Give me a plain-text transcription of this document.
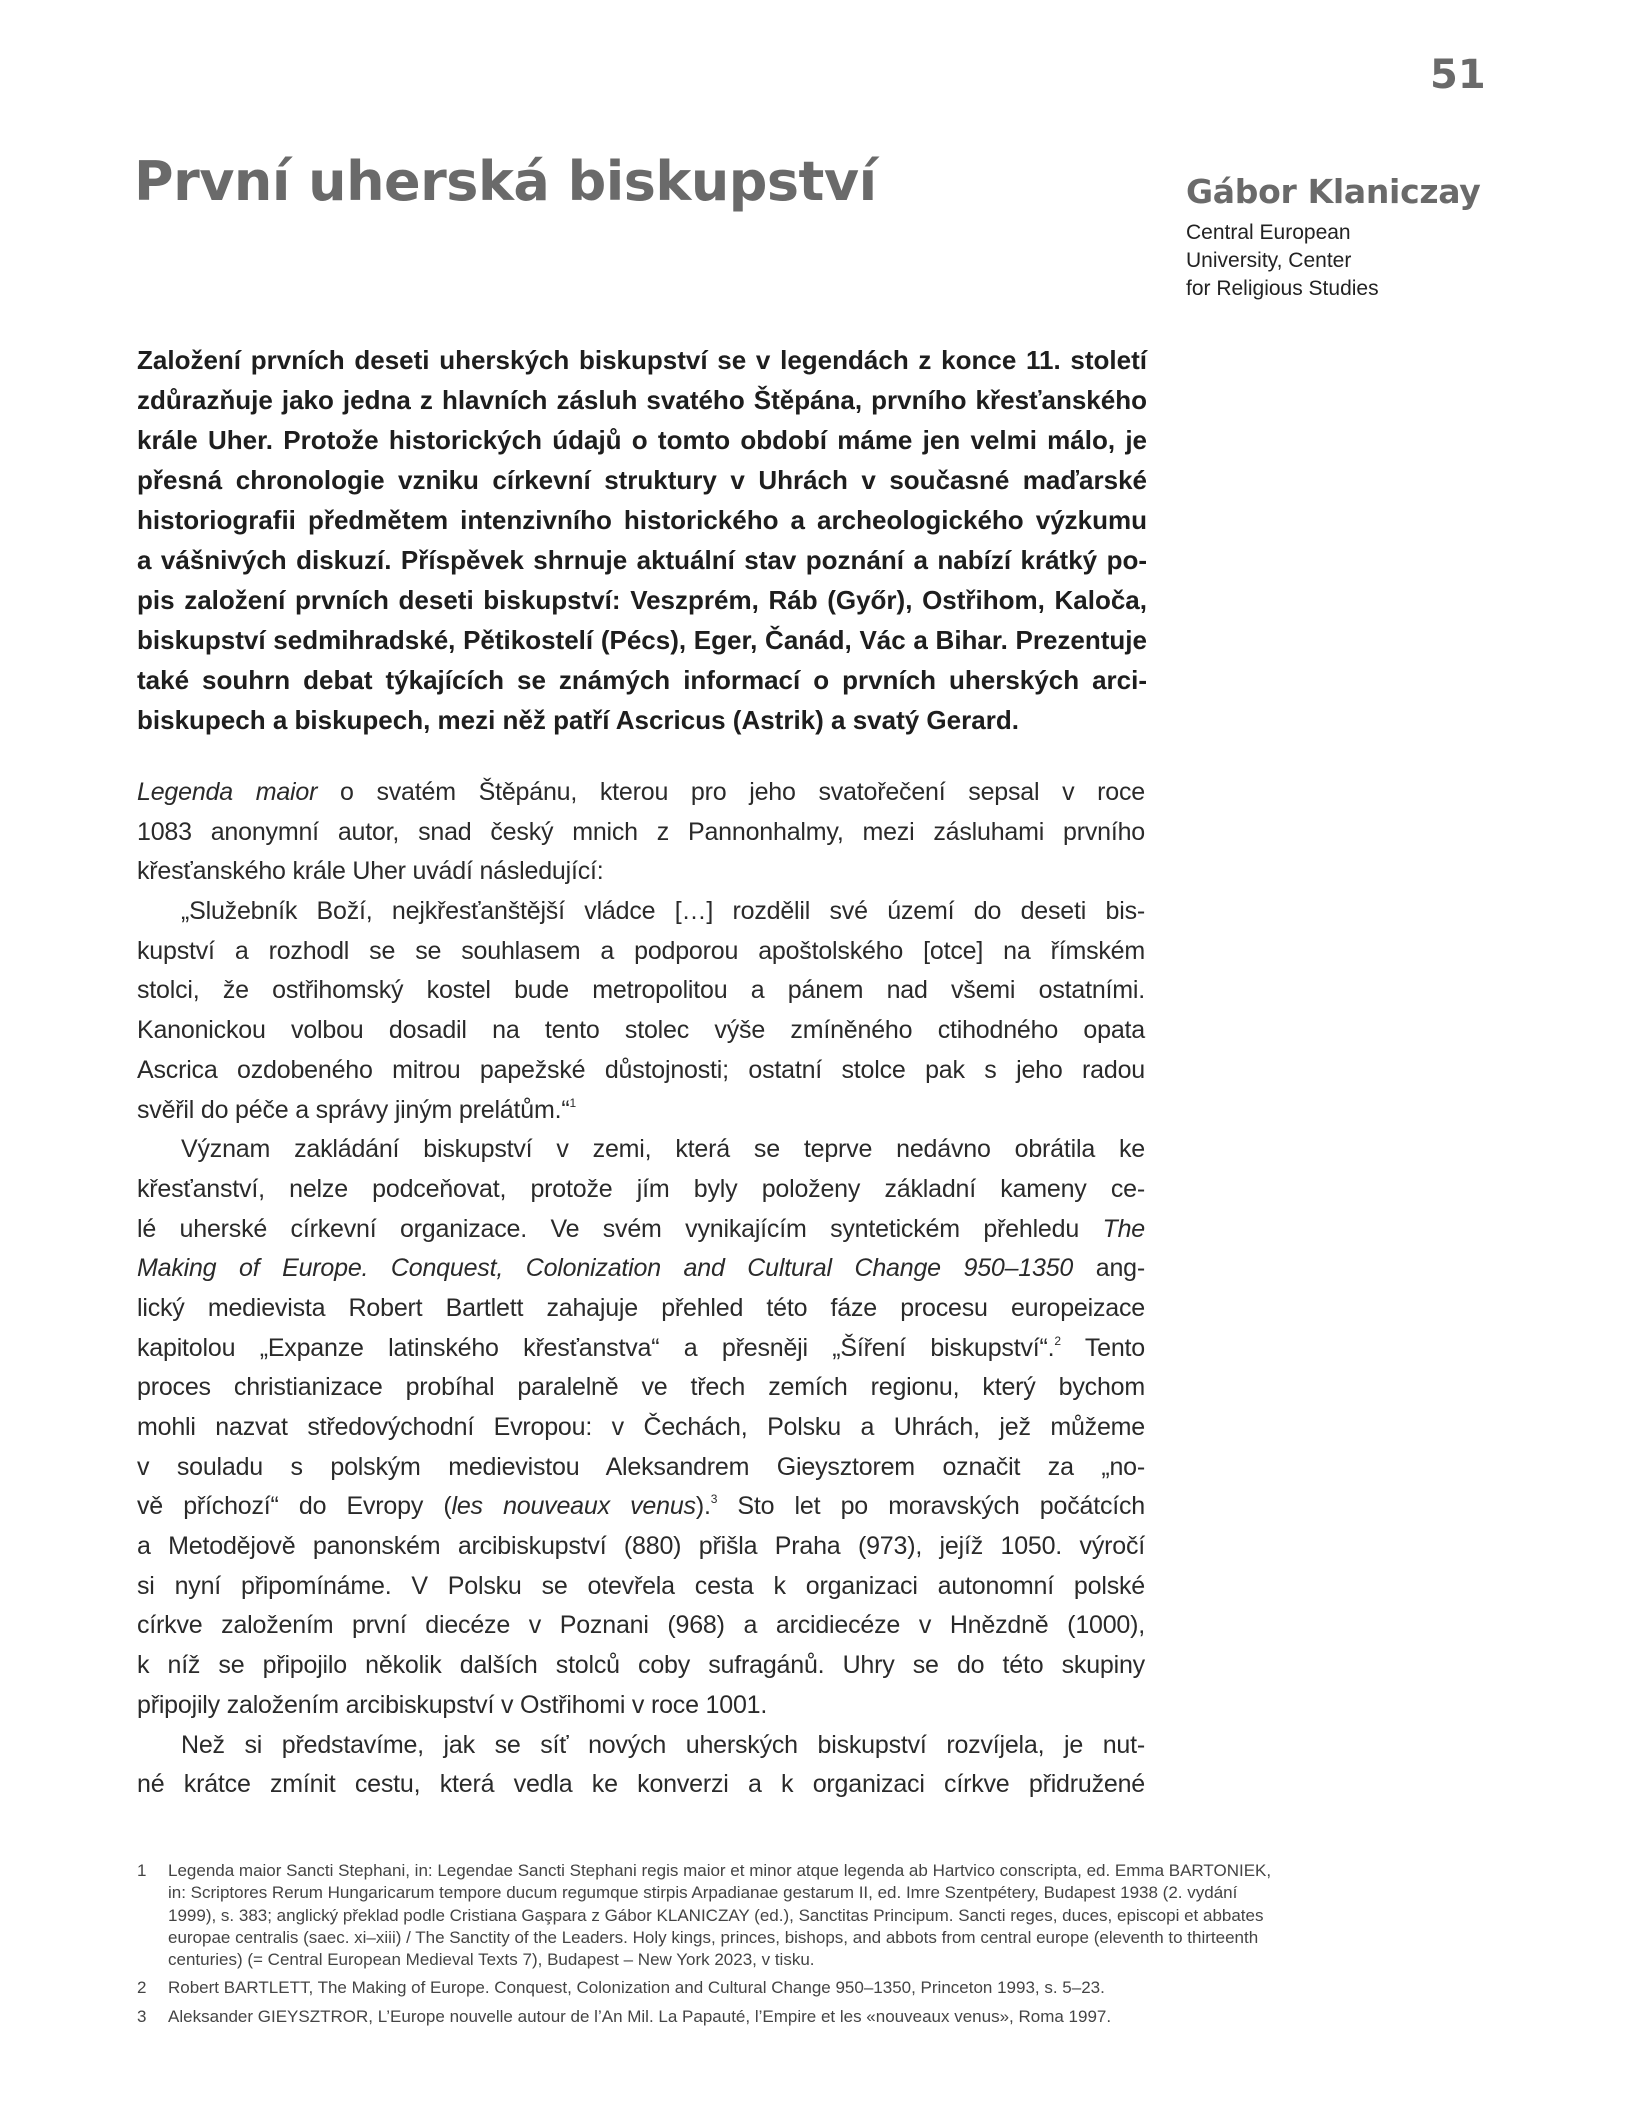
51
První uherská biskupství	Gábor Klaniczay
Central European
University, Center
for Religious Studies
Založení prvních deseti uherských biskupství se v legendách z konce 11. století
zdůrazňuje jako jedna z hlavních zásluh svatého Štěpána, prvního křesťanského
krále Uher. Protože historických údajů o tomto období máme jen velmi málo, je
přesná chronologie vzniku církevní struktury v Uhrách v současné maďarské
historiografii předmětem intenzivního historického a archeologického výzkumu
a vášnivých diskuzí. Příspěvek shrnuje aktuální stav poznání a nabízí krátký po-
pis založení prvních deseti biskupství: Veszprém, Ráb (Győr), Ostřihom, Kaloča,
biskupství sedmihradské, Pětikostelí (Pécs), Eger, Čanád, Vác a Bihar. Prezentuje
také souhrn debat týkajících se známých informací o prvních uherských arci-
biskupech a biskupech, mezi něž patří Ascricus (Astrik) a svatý Gerard.
Legenda maior o svatém Štěpánu, kterou pro jeho svatořečení sepsal v roce
1083 anonymní autor, snad český mnich z Pannonhalmy, mezi zásluhami prvního
křesťanského krále Uher uvádí následující:
„Služebník Boží, nejkřesťanštější vládce […] rozdělil své území do deseti bis-
kupství a rozhodl se se souhlasem a podporou apoštolského [otce] na římském
stolci, že ostřihomský kostel bude metropolitou a pánem nad všemi ostatními.
Kanonickou volbou dosadil na tento stolec výše zmíněného ctihodného opata
Ascrica ozdobeného mitrou papežské důstojnosti; ostatní stolce pak s jeho radou
svěřil do péče a správy jiným prelátům.“$^1$
Význam zakládání biskupství v zemi, která se teprve nedávno obrátila ke
křesťanství, nelze podceňovat, protože jím byly položeny základní kameny ce-
lé uherské církevní organizace. Ve svém vynikajícím syntetickém přehledu The
Making of Europe. Conquest, Colonization and Cultural Change 950–1350 ang-
lický medievista Robert Bartlett zahajuje přehled této fáze procesu europeizace
kapitolou „Expanze latinského křesťanstva“ a přesněji „Šíření biskupství“.$^2$ Tento
proces christianizace probíhal paralelně ve třech zemích regionu, který bychom
mohli nazvat středovýchodní Evropou: v Čechách, Polsku a Uhrách, jež můžeme
v souladu s polským medievistou Aleksandrem Gieysztorem označit za „no-
vě příchozí“ do Evropy (les nouveaux venus).$^3$ Sto let po moravských počátcích
a Metodějově panonském arcibiskupství (880) přišla Praha (973), jejíž 1050. výročí
si nyní připomínáme. V Polsku se otevřela cesta k organizaci autonomní polské
církve založením první diecéze v Poznani (968) a arcidiecéze v Hnězdně (1000),
k níž se připojilo několik dalších stolců coby sufragánů. Uhry se do této skupiny
připojily založením arcibiskupství v Ostřihomi v roce 1001.
Než si představíme, jak se síť nových uherských biskupství rozvíjela, je nut-
né krátce zmínit cestu, která vedla ke konverzi a k organizaci církve přidružené
1 Legenda maior Sancti Stephani, in: Legendae Sancti Stephani regis maior et minor atque legenda ab Hartvico conscripta, ed. Emma BARTONIEK,
in: Scriptores Rerum Hungaricarum tempore ducum regumque stirpis Arpadianae gestarum II, ed. Imre Szentpétery, Budapest 1938 (2. vydání
1999), s. 383; anglický překlad podle Cristiana Gaşpara z Gábor KLANICZAY (ed.), Sanctitas Principum. Sancti reges, duces, episcopi et abbates
europae centralis (saec. xi–xiii) / The Sanctity of the Leaders. Holy kings, princes, bishops, and abbots from central europe (eleventh to thirteenth
centuries) (= Central European Medieval Texts 7), Budapest – New York 2023, v tisku.
2 Robert BARTLETT, The Making of Europe. Conquest, Colonization and Cultural Change 950–1350, Princeton 1993, s. 5–23.
3 Aleksander GIEYSZTROR, L’Europe nouvelle autour de l’An Mil. La Papauté, l’Empire et les «nouveaux venus», Roma 1997.
